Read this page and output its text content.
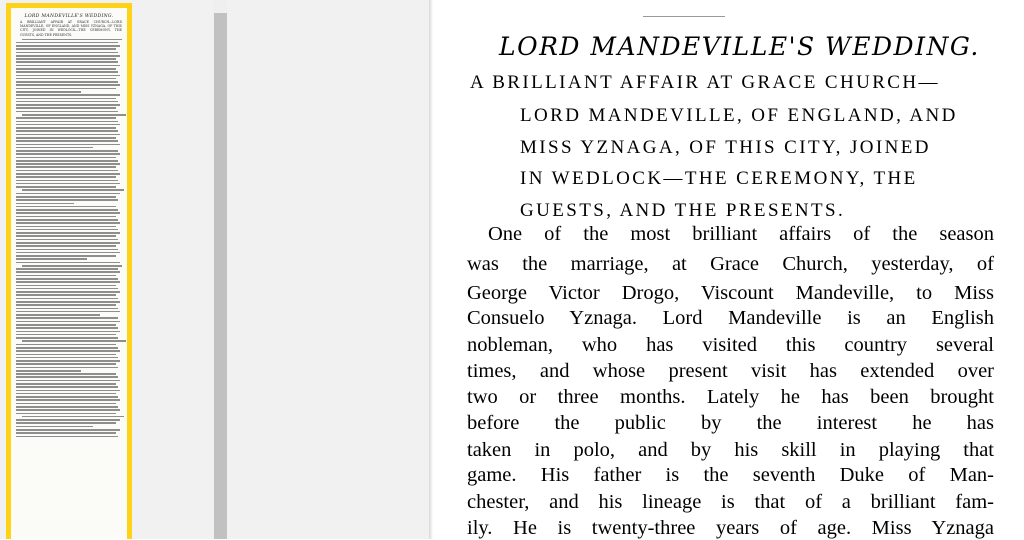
LORD MANDEVILLE'S WEDDING.
A BRILLIANT AFFAIR AT GRACE CHURCH—LORD MANDEVILLE, OF ENGLAND, AND MISS YZNAGA, OF THIS CITY, JOINED IN WEDLOCK—THE CEREMONY, THE GUESTS, AND THE PRESENTS.	LORD MANDEVILLE'S WEDDING.

A BRILLIANT AFFAIR AT GRACE CHURCH—

LORD MANDEVILLE, OF ENGLAND, AND

MISS YZNAGA, OF THIS CITY, JOINED

IN WEDLOCK—THE CEREMONY, THE

GUESTS, AND THE PRESENTS.

One of the most brilliant affairs of the season

was the marriage, at Grace Church, yesterday, of

George Victor Drogo, Viscount Mandeville, to Miss

Consuelo Yznaga. Lord Mandeville is an English

nobleman, who has visited this country several

times, and whose present visit has extended over

two or three months. Lately he has been brought

before the public by the interest he has

taken in polo, and by his skill in playing that

game. His father is the seventh Duke of Man-

chester, and his lineage is that of a brilliant fam-

ily. He is twenty-three years of age. Miss Yznaga
